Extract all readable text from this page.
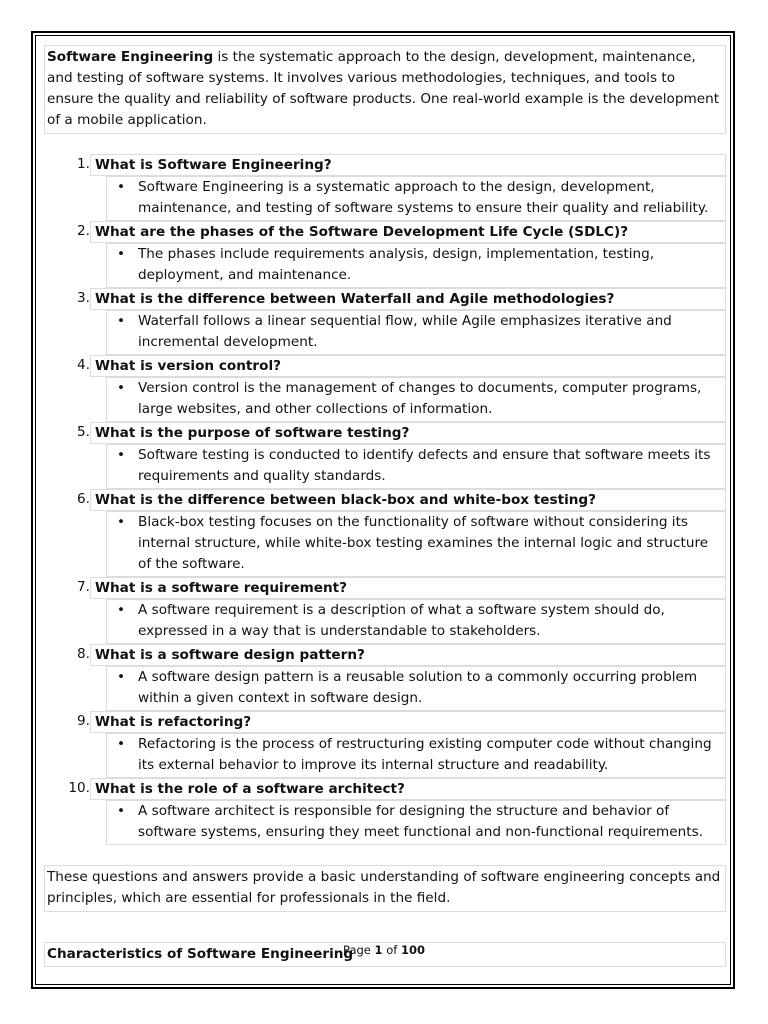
Software Engineering is the systematic approach to the design, development, maintenance, and testing of software systems. It involves various methodologies, techniques, and tools to ensure the quality and reliability of software products. One real-world example is the development of a mobile application.
1. What is Software Engineering?
• Software Engineering is a systematic approach to the design, development, maintenance, and testing of software systems to ensure their quality and reliability.
2. What are the phases of the Software Development Life Cycle (SDLC)?
• The phases include requirements analysis, design, implementation, testing, deployment, and maintenance.
3. What is the difference between Waterfall and Agile methodologies?
• Waterfall follows a linear sequential flow, while Agile emphasizes iterative and incremental development.
4. What is version control?
• Version control is the management of changes to documents, computer programs, large websites, and other collections of information.
5. What is the purpose of software testing?
• Software testing is conducted to identify defects and ensure that software meets its requirements and quality standards.
6. What is the difference between black-box and white-box testing?
• Black-box testing focuses on the functionality of software without considering its internal structure, while white-box testing examines the internal logic and structure of the software.
7. What is a software requirement?
• A software requirement is a description of what a software system should do, expressed in a way that is understandable to stakeholders.
8. What is a software design pattern?
• A software design pattern is a reusable solution to a commonly occurring problem within a given context in software design.
9. What is refactoring?
• Refactoring is the process of restructuring existing computer code without changing its external behavior to improve its internal structure and readability.
10. What is the role of a software architect?
• A software architect is responsible for designing the structure and behavior of software systems, ensuring they meet functional and non-functional requirements.
These questions and answers provide a basic understanding of software engineering concepts and principles, which are essential for professionals in the field.
Characteristics of Software Engineering
Page 1 of 100
